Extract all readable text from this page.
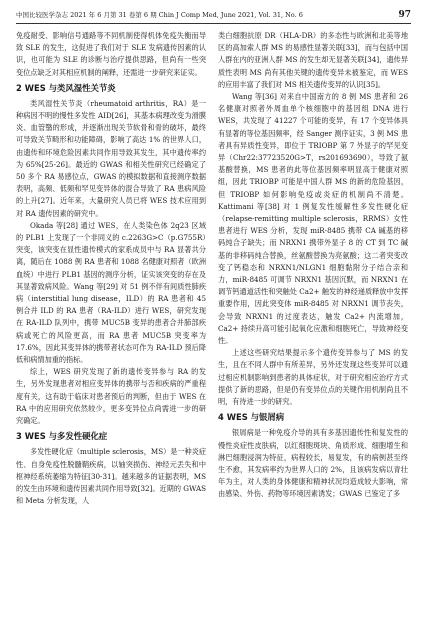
中国比较医学杂志 2021 年 6 月第 31 卷第 6 期 Chin J Comp Med, June 2021, Vol. 31, No. 6	97

免疫耐受、影响信号通路等不同机制使得机体免疫失衡而导致 SLE 的发生，这促进了我们对于 SLE 发病遗传因素的认识，也可能为 SLE 的诊断与治疗提供思路，但尚有一些突变位点缺乏对其相应机制的阐释，还需进一步研究来证实。

2 WES 与类风湿性关节炎

类风湿性关节炎（rheumatoid arthritis，RA）是一种病因不明的慢性多发性 AID[26]，其基本病理改变为滑膜炎、血管翳的形成，并逐渐出现关节软骨和骨的破坏，最终可导致关节畸形和功能障碍，影响了高达 1% 的世界人口，由遗传和环境危险因素共同作用导致其发生，其中遗传率约为 65%[25-26]。最近的 GWAS 和相关性研究已经确定了 50 多个 RA 易感位点，GWAS 的模拟数据和直接测序数据表明，高频、低频和罕见变异体的混合导致了 RA 患病风险的上升[27]。近年来，大量研究人员已将 WES 技术应用到对 RA 遗传因素的研究中。

Okada 等[28] 通过 WES，在人类染色体 2q23 区域的 PLB1 上发现了一个非同义的 c.2263G>C（p.G755R）突变，该突变在显性遗传模式的家系成员中与 RA 显著共分离，随后在 1088 例 RA 患者和 1088 名健康对照者（欧洲血统）中进行 PLB1 基因的测序分析，证实该突变的存在及其显著致病风险。Wang 等[29] 对 51 例不伴有间质性肺疾病（interstitial lung disease，ILD）的 RA 患者和 45 例合并 ILD 的 RA 患者（RA-ILD）进行 WES，研究发现在 RA-ILD 队列中，携带 MUC5B 变异的患者合并肺部疾病或死亡的风险更高，而 RA 患者 MUC5B 突变率为 17.6%，因此其变异体的携带者状态可作为 RA-ILD 预后降低和病情加重的指标。

综上，WES 研究发现了新的遗传变异参与 RA 的发生，另外发现患者对相应变异体的携带与否和疾病的严重程度有关，这有助于临床对患者预后的判断，但由于 WES 在 RA 中的应用研究依然较少，更多变异位点尚需进一步的研究确定。

3 WES 与多发性硬化症

多发性硬化症（multiple sclerosis，MS）是一种炎症性、自身免疫性脱髓鞘疾病，以轴突损伤、神经元丢失和中枢神经系统萎缩为特征[30-31]。越来越多的证据表明，MS 的发生由环境和遗传因素共同作用导致[32]。近期的 GWAS 和 Meta 分析发现，人

类白细胞抗原 DR（HLA-DR）的多态性与欧洲和北美等地区的高加索人群 MS 的易感性显著关联[33]，而与包括中国人群在内的亚洲人群 MS 的发生却无显著关联[34]，遗传异质性表明 MS 尚有其他关键的遗传变异未被鉴定，而 WES 的应用丰富了我们对 MS 相关遗传变异的认识[35]。

Wang 等[36] 对来自中国南方的 8 例 MS 患者和 26 名健康对照者外周血单个核细胞中的基因组 DNA 进行 WES，共发现了 41227 个可能的变异，有 17 个变异体具有显著的等位基因频率，经 Sanger 测序证实，3 例 MS 患者具有异质性变异，即位于 TRIOBP 第 7 外显子的罕见变异（Chr22:37723520G>T，rs201693690），导致了氨基酸替换，MS 患者的此等位基因频率明显高于健康对照组，因此 TRIOBP 可能是中国人群 MS 的新的危险基因，但 TRIOBP 如何影响免疫或炎症的机制尚不清楚。Kattimani 等[38] 对 1 例复发性缓解性多发性硬化症（relapse-remitting multiple sclerosis，RRMS）女性患者进行 WES 分析，发现 miR-8485 携带 CA 碱基的移码纯合子缺失；而 NRXN1 携带外显子 8 的 CT 到 TC 碱基的非移码纯合替换，丝氨酸替换为亮氨酸；这二者突变改变了钙稳态和 NRXN1/NLGN1 细胞黏附分子结合亲和力，miR-8485 可调节 NRXN1 基因沉默，而 NRXN1 在调节钙通道活性和突触处 Ca2+ 触发的神经递质释放中发挥重要作用，因此突变体 miR-8485 对 NRXN1 调节丧失，会导致 NRXN1 的过度表达，触发 Ca2+ 内流增加，Ca2+ 持续升高可能引起氧化应激和细胞死亡，导致神经变性。

上述这些研究结果提示多个遗传变异参与了 MS 的发生，且在不同人群中有所差异，另外还发现这些变异可以通过相应机制影响到患者的具体症状，对于研究相应治疗方式提供了新的思路，但是仍有变异位点的关键作用机制尚且不明，有待进一步的研究。

4 WES 与银屑病

银屑病是一种免疫介导的具有多基因遗传性和复发性的慢性炎症性皮肤病，以红细胞斑块、角质形成、细胞增生和淋巴细胞浸润为特征，病程较长，易复发，有的病例甚至终生不愈，其发病率约为世界人口的 2%，且该病发病以青壮年为主，对人类的身体健康和精神状况均造成较大影响，常由感染、外伤、药物等环境因素诱发；GWAS 已鉴定了多
